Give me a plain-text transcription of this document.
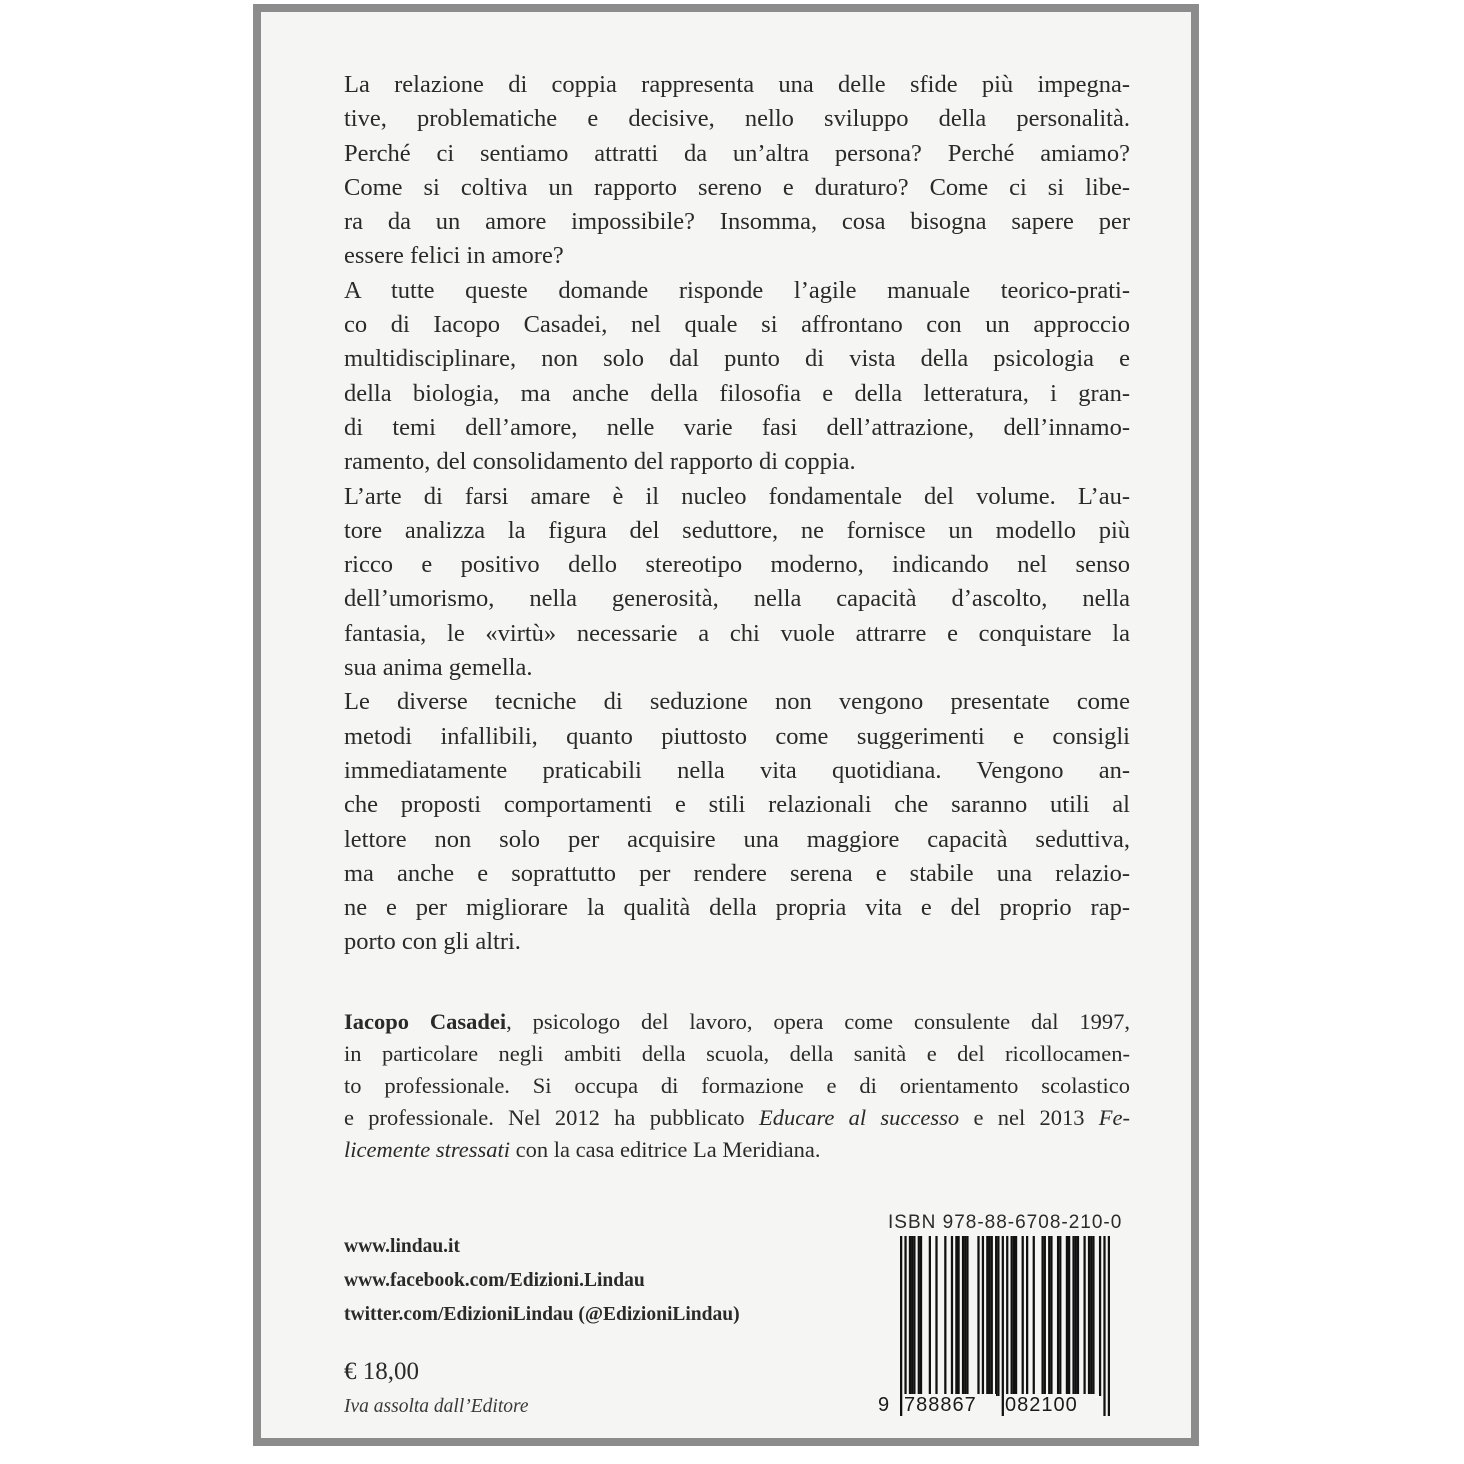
La relazione di coppia rappresenta una delle sfide più impegna-
tive, problematiche e decisive, nello sviluppo della personalità.
Perché ci sentiamo attratti da un’altra persona? Perché amiamo?
Come si coltiva un rapporto sereno e duraturo? Come ci si libe-
ra da un amore impossibile? Insomma, cosa bisogna sapere per
essere felici in amore?
A tutte queste domande risponde l’agile manuale teorico-prati-
co di Iacopo Casadei, nel quale si affrontano con un approccio
multidisciplinare, non solo dal punto di vista della psicologia e
della biologia, ma anche della filosofia e della letteratura, i gran-
di temi dell’amore, nelle varie fasi dell’attrazione, dell’innamo-
ramento, del consolidamento del rapporto di coppia.
L’arte di farsi amare è il nucleo fondamentale del volume. L’au-
tore analizza la figura del seduttore, ne fornisce un modello più
ricco e positivo dello stereotipo moderno, indicando nel senso
dell’umorismo, nella generosità, nella capacità d’ascolto, nella
fantasia, le «virtù» necessarie a chi vuole attrarre e conquistare la
sua anima gemella.
Le diverse tecniche di seduzione non vengono presentate come
metodi infallibili, quanto piuttosto come suggerimenti e consigli
immediatamente praticabili nella vita quotidiana. Vengono an-
che proposti comportamenti e stili relazionali che saranno utili al
lettore non solo per acquisire una maggiore capacità seduttiva,
ma anche e soprattutto per rendere serena e stabile una relazio-
ne e per migliorare la qualità della propria vita e del proprio rap-
porto con gli altri.
Iacopo Casadei, psicologo del lavoro, opera come consulente dal 1997,
in particolare negli ambiti della scuola, della sanità e del ricollocamen-
to professionale. Si occupa di formazione e di orientamento scolastico
e professionale. Nel 2012 ha pubblicato Educare al successo e nel 2013 Fe-
licemente stressati con la casa editrice La Meridiana.
www.lindau.it
www.facebook.com/Edizioni.Lindau
twitter.com/EdizioniLindau (@EdizioniLindau)
€ 18,00
Iva assolta dall’Editore
ISBN 978-88-6708-210-0
9 788867	082100
